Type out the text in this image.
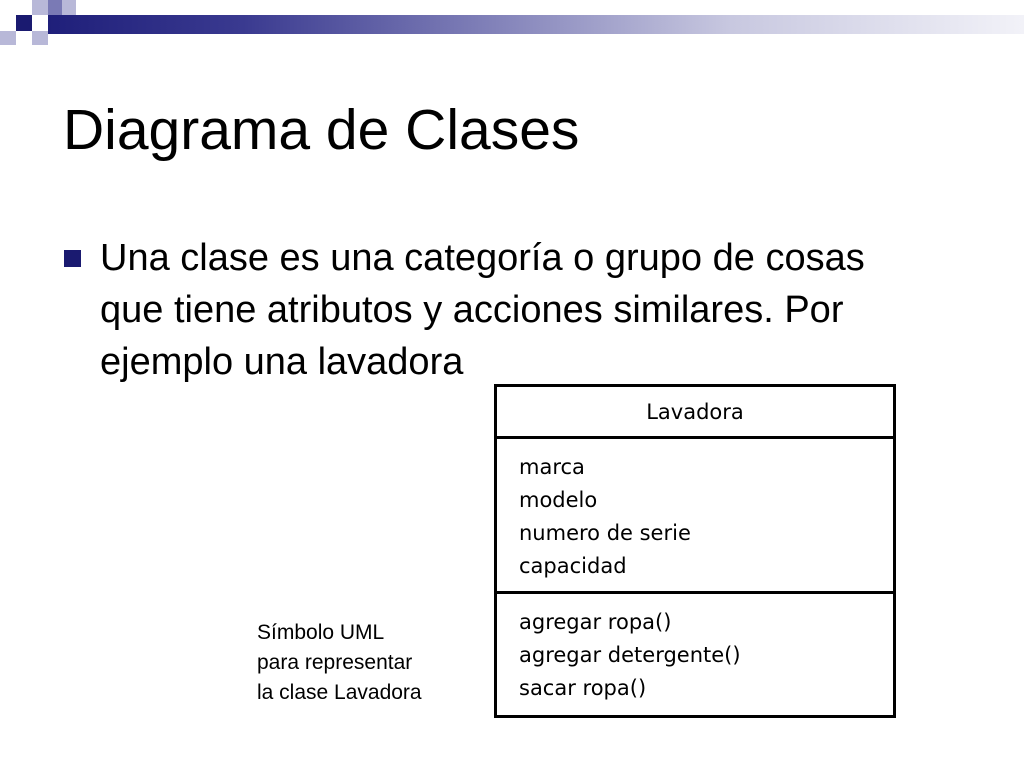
Diagrama de Clases
Una clase es una categoría o grupo de cosas que tiene atributos y acciones similares. Por ejemplo una lavadora
Símbolo UML
para representar
la clase Lavadora
Lavadora
marca
modelo
numero de serie
capacidad
agregar ropa()
agregar detergente()
sacar ropa()
